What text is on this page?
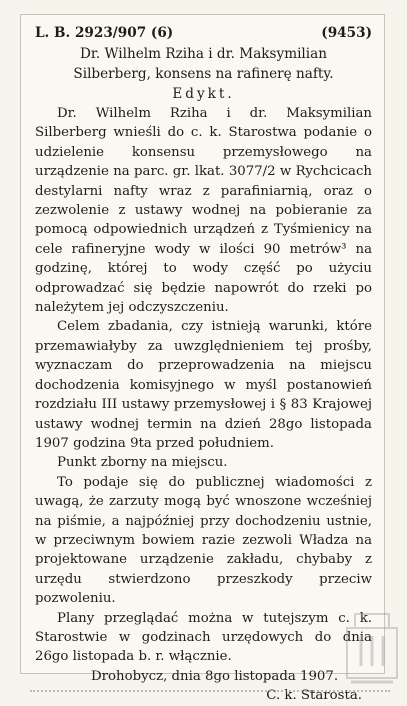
L. B. 2923/907 (6)	(9453)
Dr. Wilhelm Rziha i dr. Maksymilian
Silberberg, konsens na rafinerę nafty.
Edykt.

Dr. Wilhelm Rziha i dr. Maksymilian Silberberg wnieśli do c. k. Starostwa podanie o udzielenie konsensu przemysłowego na urządzenie na parc. gr. lkat. 3077/2 w Rychcicach destylarni nafty wraz z parafiniarnią, oraz o zezwolenie z ustawy wodnej na pobieranie za pomocą odpowiednich urządzeń z Tyśmienicy na cele rafineryjne wody w ilości 90 metrów³ na godzinę, której to wody część po użyciu odprowadzać się będzie napowrót do rzeki po należytem jej odczyszczeniu.

Celem zbadania, czy istnieją warunki, które przemawiałyby za uwzględnieniem tej prośby, wyznaczam do przeprowadzenia na miejscu dochodzenia komisyjnego w myśl postanowień rozdziału III ustawy przemysłowej i § 83 Krajowej ustawy wodnej termin na dzień 28go listopada 1907 godzina 9ta przed południem.

Punkt zborny na miejscu.

To podaje się do publicznej wiadomości z uwagą, że zarzuty mogą być wnoszone wcześniej na piśmie, a najpóźniej przy dochodzeniu ustnie, w przeciwnym bowiem razie zezwoli Władza na projektowane urządzenie zakładu, chybaby z urzędu stwierdzono przeszkody przeciw pozwoleniu.

Plany przeglądać można w tutejszym c. k. Starostwie w godzinach urzędowych do dnia 26go listopada b. r. włącznie.

Drohobycz, dnia 8go listopada 1907.
C. k. Starosta.
